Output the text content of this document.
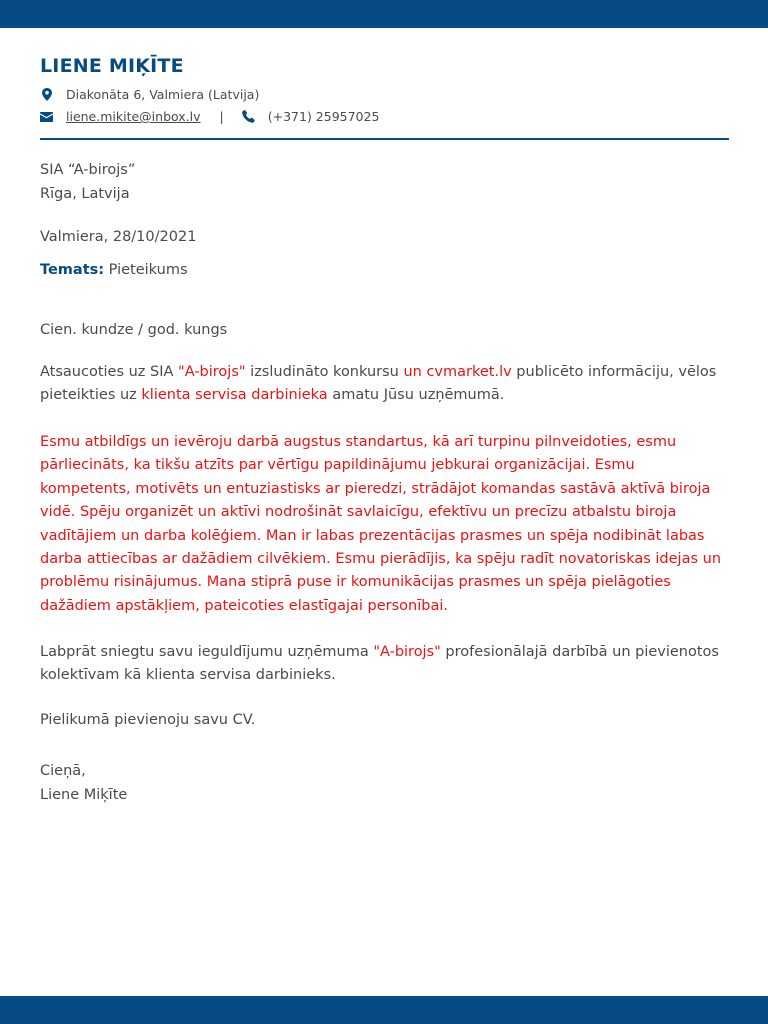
LIENE MIĶĪTE
Diakonāta 6, Valmiera (Latvija)
liene.mikite@inbox.lv |	(+371) 25957025
SIA “A-birojs”
Rīga, Latvija
Valmiera, 28/10/2021
Temats: Pieteikums
Cien. kundze / god. kungs
Atsaucoties uz SIA "A-birojs" izsludināto konkursu un cvmarket.lv publicēto informāciju, vēlos pieteikties uz klienta servisa darbinieka amatu Jūsu uzņēmumā.
Esmu atbildīgs un ievēroju darbā augstus standartus, kā arī turpinu pilnveidoties, esmu pārliecināts, ka tikšu atzīts par vērtīgu papildinājumu jebkurai organizācijai. Esmu kompetents, motivēts un entuziastisks ar pieredzi, strādājot komandas sastāvā aktīvā biroja vidē. Spēju organizēt un aktīvi nodrošināt savlaicīgu, efektīvu un precīzu atbalstu biroja vadītājiem un darba kolēģiem. Man ir labas prezentācijas prasmes un spēja nodibināt labas darba attiecības ar dažādiem cilvēkiem. Esmu pierādījis, ka spēju radīt novatoriskas idejas un problēmu risinājumus. Mana stiprā puse ir komunikācijas prasmes un spēja pielāgoties dažādiem apstākļiem, pateicoties elastīgajai personībai.
Labprāt sniegtu savu ieguldījumu uzņēmuma "A-birojs" profesionālajā darbībā un pievienotos kolektīvam kā klienta servisa darbinieks.
Pielikumā pievienoju savu CV.
Cieņā,
Liene Miķīte
